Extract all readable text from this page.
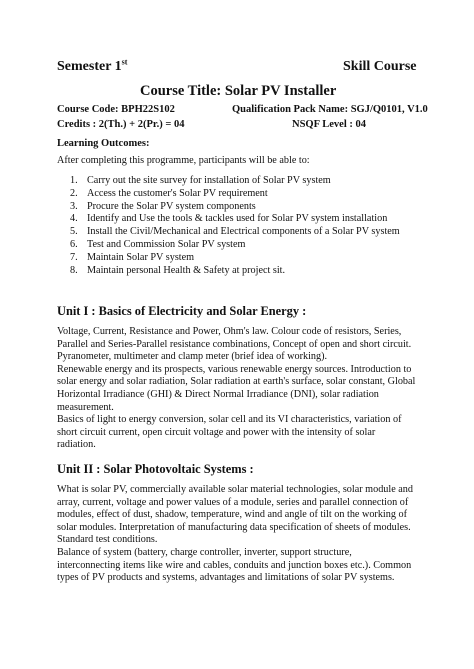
Semester 1st	Skill Course
Course Title: Solar PV Installer
Course Code: BPH22S102	Qualification Pack Name: SGJ/Q0101, V1.0
Credits : 2(Th.) + 2(Pr.) = 04	NSQF Level : 04
Learning Outcomes:
After completing this programme, participants will be able to:
1. Carry out the site survey for installation of Solar PV system
2. Access the customer's Solar PV requirement
3. Procure the Solar PV system components
4. Identify and Use the tools & tackles used for Solar PV system installation
5. Install the Civil/Mechanical and Electrical components of a Solar PV system
6. Test and Commission Solar PV system
7. Maintain Solar PV system
8. Maintain personal Health & Safety at project sit.
Unit I : Basics of Electricity and Solar Energy :
Voltage, Current, Resistance and Power, Ohm's law. Colour code of resistors, Series,
Parallel and Series-Parallel resistance combinations, Concept of open and short circuit.
Pyranometer, multimeter and clamp meter (brief idea of working).
Renewable energy and its prospects, various renewable energy sources. Introduction to
solar energy and solar radiation, Solar radiation at earth's surface, solar constant, Global
Horizontal Irradiance (GHI) & Direct Normal Irradiance (DNI), solar radiation
measurement.
Basics of light to energy conversion, solar cell and its VI characteristics, variation of
short circuit current, open circuit voltage and power with the intensity of solar
radiation.
Unit II : Solar Photovoltaic Systems :
What is solar PV, commercially available solar material technologies, solar module and
array, current, voltage and power values of a module, series and parallel connection of
modules, effect of dust, shadow, temperature, wind and angle of tilt on the working of
solar modules. Interpretation of manufacturing data specification of sheets of modules.
Standard test conditions.
Balance of system (battery, charge controller, inverter, support structure,
interconnecting items like wire and cables, conduits and junction boxes etc.). Common
types of PV products and systems, advantages and limitations of solar PV systems.
